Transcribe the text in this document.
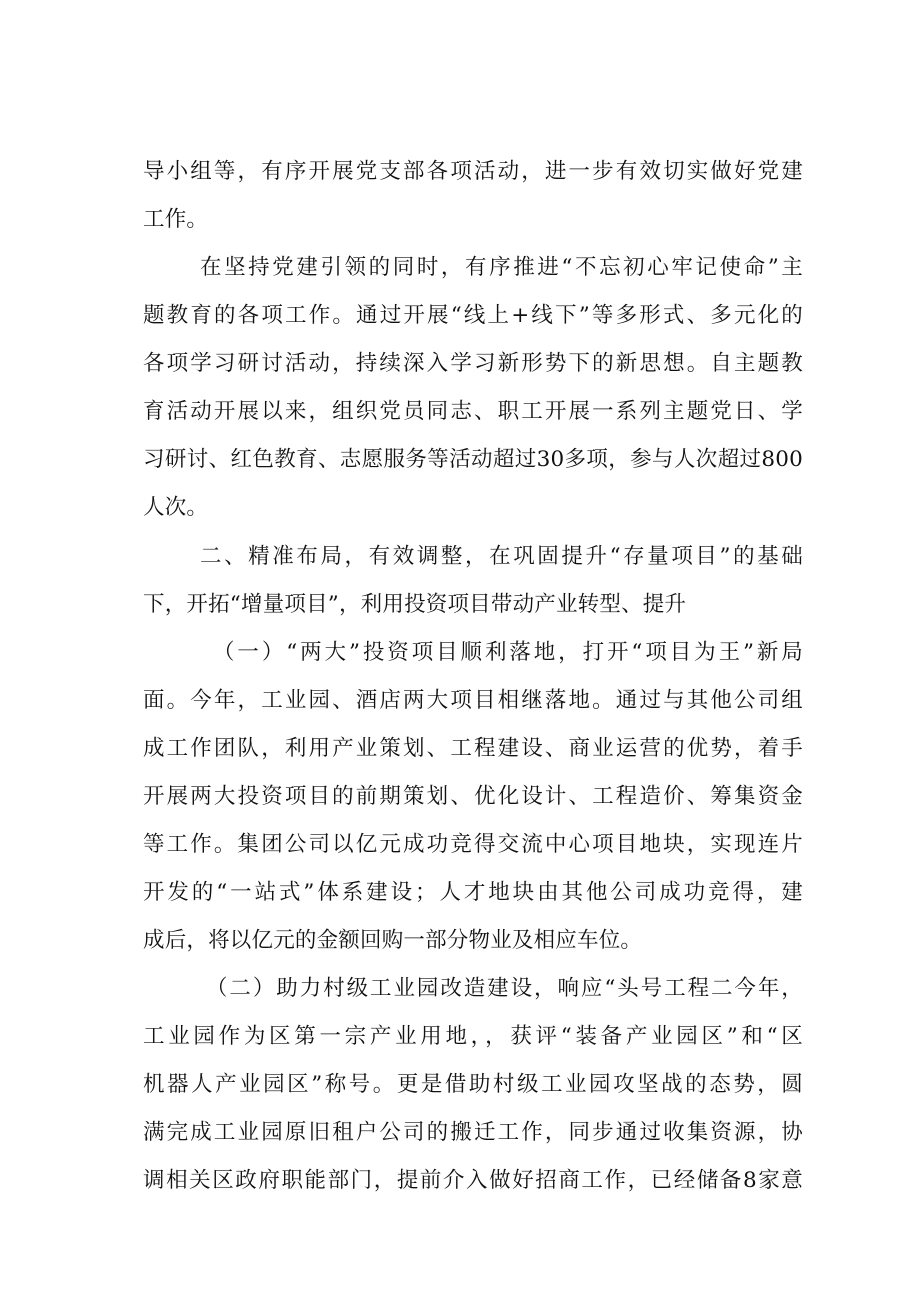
导小组等，有序开展党支部各项活动，进一步有效切实做好党建
工作。
在坚持党建引领的同时，有序推进“不忘初心牢记使命”主
题教育的各项工作。通过开展“线上+线下”等多形式、多元化的
各项学习研讨活动，持续深入学习新形势下的新思想。自主题教
育活动开展以来，组织党员同志、职工开展一系列主题党日、学
习研讨、红色教育、志愿服务等活动超过30多项，参与人次超过800
人次。
二、精准布局，有效调整，在巩固提升“存量项目”的基础
下，开拓“增量项目”，利用投资项目带动产业转型、提升
（一）“两大”投资项目顺利落地，打开“项目为王”新局
面。今年，工业园、酒店两大项目相继落地。通过与其他公司组
成工作团队，利用产业策划、工程建设、商业运营的优势，着手
开展两大投资项目的前期策划、优化设计、工程造价、筹集资金
等工作。集团公司以亿元成功竞得交流中心项目地块，实现连片
开发的“一站式”体系建设；人才地块由其他公司成功竞得，建
成后，将以亿元的金额回购一部分物业及相应车位。
（二）助力村级工业园改造建设，响应“头号工程二今年，
工业园作为区第一宗产业用地，，获评“装备产业园区”和“区
机器人产业园区”称号。更是借助村级工业园攻坚战的态势，圆
满完成工业园原旧租户公司的搬迁工作，同步通过收集资源，协
调相关区政府职能部门，提前介入做好招商工作，已经储备8家意
